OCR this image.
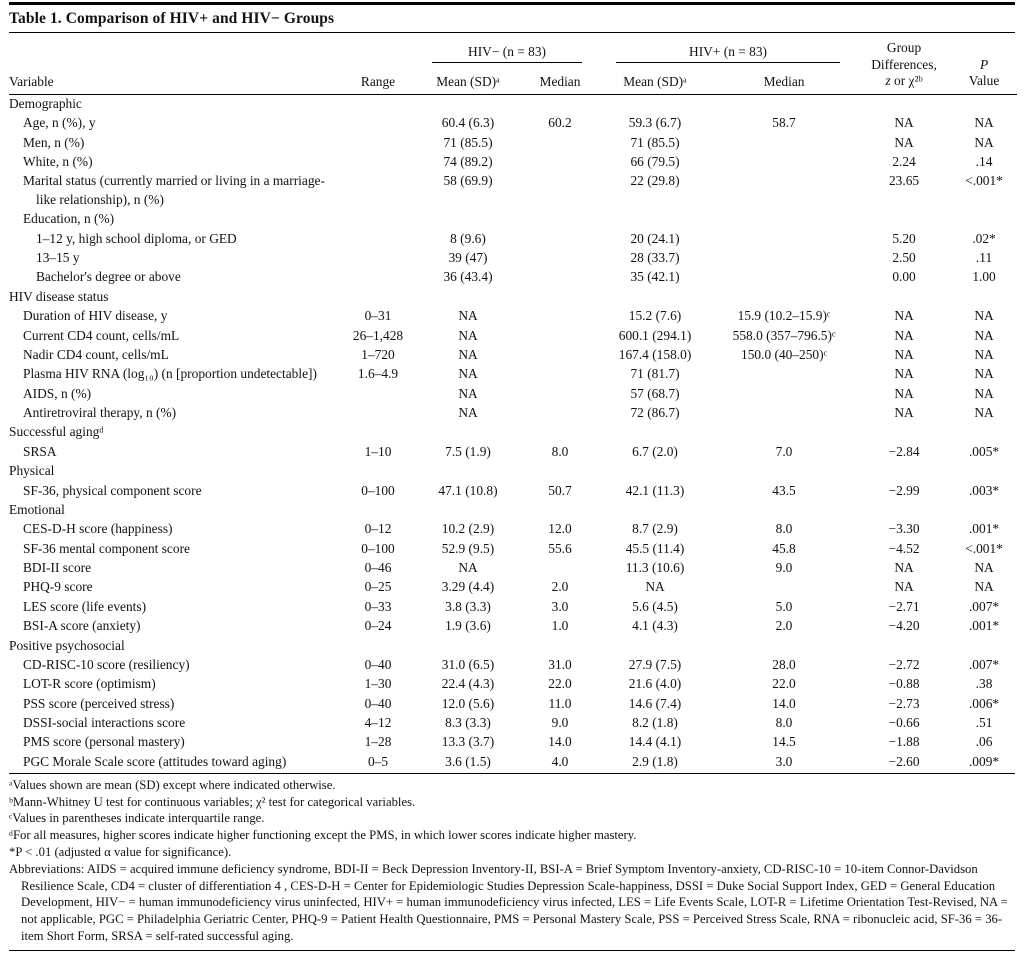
Table 1. Comparison of HIV+ and HIV− Groups

		HIV− (n = 83)		HIV+ (n = 83)		Group Differences,
z or χ²ᵇ	P
Value
Variable	Range	Mean (SD)ᵃ	Median	Mean (SD)ᵃ	Median		
Demographic							
Age, n (%), y		60.4 (6.3)	60.2	59.3 (6.7)	58.7	NA	NA
Men, n (%)		71 (85.5)		71 (85.5)		NA	NA
White, n (%)		74 (89.2)		66 (79.5)		2.24	.14
Marital status (currently married or living in a marriage-like relationship), n (%)		58 (69.9)		22 (29.8)		23.65	<.001*
Education, n (%)							
1–12 y, high school diploma, or GED		8 (9.6)		20 (24.1)		5.20	.02*
13–15 y		39 (47)		28 (33.7)		2.50	.11
Bachelor's degree or above		36 (43.4)		35 (42.1)		0.00	1.00
HIV disease status							
Duration of HIV disease, y	0–31	NA		15.2 (7.6)	15.9 (10.2–15.9)ᶜ	NA	NA
Current CD4 count, cells/mL	26–1,428	NA		600.1 (294.1)	558.0 (357–796.5)ᶜ	NA	NA
Nadir CD4 count, cells/mL	1–720	NA		167.4 (158.0)	150.0 (40–250)ᶜ	NA	NA
Plasma HIV RNA (log₁₀) (n [proportion undetectable])	1.6–4.9	NA		71 (81.7)		NA	NA
AIDS, n (%)		NA		57 (68.7)		NA	NA
Antiretroviral therapy, n (%)		NA		72 (86.7)		NA	NA
Successful agingᵈ							
SRSA	1–10	7.5 (1.9)	8.0	6.7 (2.0)	7.0	−2.84	.005*
Physical							
SF-36, physical component score	0–100	47.1 (10.8)	50.7	42.1 (11.3)	43.5	−2.99	.003*
Emotional							
CES-D-H score (happiness)	0–12	10.2 (2.9)	12.0	8.7 (2.9)	8.0	−3.30	.001*
SF-36 mental component score	0–100	52.9 (9.5)	55.6	45.5 (11.4)	45.8	−4.52	<.001*
BDI-II score	0–46	NA		11.3 (10.6)	9.0	NA	NA
PHQ-9 score	0–25	3.29 (4.4)	2.0	NA		NA	NA
LES score (life events)	0–33	3.8 (3.3)	3.0	5.6 (4.5)	5.0	−2.71	.007*
BSI-A score (anxiety)	0–24	1.9 (3.6)	1.0	4.1 (4.3)	2.0	−4.20	.001*
Positive psychosocial							
CD-RISC-10 score (resiliency)	0–40	31.0 (6.5)	31.0	27.9 (7.5)	28.0	−2.72	.007*
LOT-R score (optimism)	1–30	22.4 (4.3)	22.0	21.6 (4.0)	22.0	−0.88	.38
PSS score (perceived stress)	0–40	12.0 (5.6)	11.0	14.6 (7.4)	14.0	−2.73	.006*
DSSI-social interactions score	4–12	8.3 (3.3)	9.0	8.2 (1.8)	8.0	−0.66	.51
PMS score (personal mastery)	1–28	13.3 (3.7)	14.0	14.4 (4.1)	14.5	−1.88	.06
PGC Morale Scale score (attitudes toward aging)	0–5	3.6 (1.5)	4.0	2.9 (1.8)	3.0	−2.60	.009*
ᵃValues shown are mean (SD) except where indicated otherwise.
ᵇMann-Whitney U test for continuous variables; χ² test for categorical variables.
ᶜValues in parentheses indicate interquartile range.
ᵈFor all measures, higher scores indicate higher functioning except the PMS, in which lower scores indicate higher mastery.
*P < .01 (adjusted α value for significance).
Abbreviations: AIDS = acquired immune deficiency syndrome, BDI-II = Beck Depression Inventory-II, BSI-A = Brief Symptom Inventory-anxiety, CD-RISC-10 = 10-item Connor-Davidson Resilience Scale, CD4 = cluster of differentiation 4 , CES-D-H = Center for Epidemiologic Studies Depression Scale-happiness, DSSI = Duke Social Support Index, GED = General Education Development, HIV− = human immunodeficiency virus uninfected, HIV+ = human immunodeficiency virus infected, LES = Life Events Scale, LOT-R = Lifetime Orientation Test-Revised, NA = not applicable, PGC = Philadelphia Geriatric Center, PHQ-9 = Patient Health Questionnaire, PMS = Personal Mastery Scale, PSS = Perceived Stress Scale, RNA = ribonucleic acid, SF-36 = 36-item Short Form, SRSA = self-rated successful aging.
